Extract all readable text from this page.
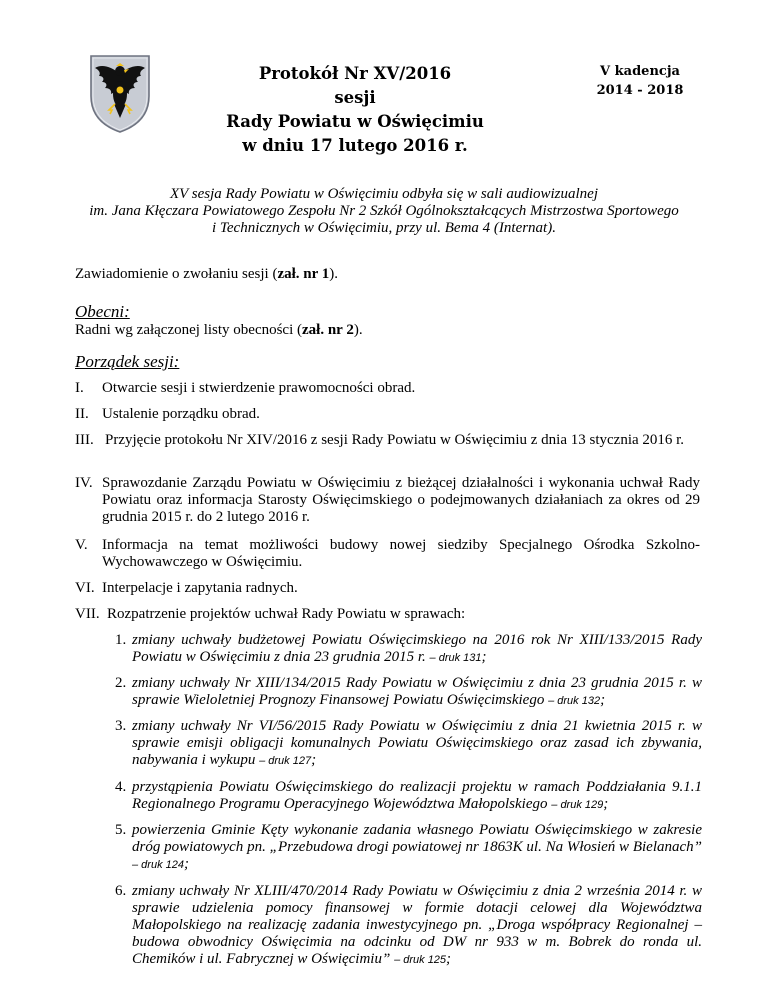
Protokół Nr XV/2016
sesji
Rady Powiatu w Oświęcimiu
w dniu 17 lutego 2016 r.
V kadencja
2014 - 2018
XV sesja Rady Powiatu w Oświęcimiu odbyła się w sali audiowizualnej
im. Jana Kłęczara Powiatowego Zespołu Nr 2 Szkół Ogólnokształcących Mistrzostwa Sportowego
i Technicznych w Oświęcimiu, przy ul. Bema 4 (Internat).
Zawiadomienie o zwołaniu sesji (zał. nr 1).
Obecni:
Radni wg załączonej listy obecności (zał. nr 2).
Porządek sesji:
I. Otwarcie sesji i stwierdzenie prawomocności obrad.
II. Ustalenie porządku obrad.
III. Przyjęcie protokołu Nr XIV/2016 z sesji Rady Powiatu w Oświęcimiu z dnia 13 stycznia 2016 r.
IV. Sprawozdanie Zarządu Powiatu w Oświęcimiu z bieżącej działalności i wykonania uchwał Rady Powiatu oraz informacja Starosty Oświęcimskiego o podejmowanych działaniach za okres od 29 grudnia 2015 r. do 2 lutego 2016 r.
V. Informacja na temat możliwości budowy nowej siedziby Specjalnego Ośrodka Szkolno-Wychowawczego w Oświęcimiu.
VI. Interpelacje i zapytania radnych.
VII. Rozpatrzenie projektów uchwał Rady Powiatu w sprawach:
1. zmiany uchwały budżetowej Powiatu Oświęcimskiego na 2016 rok Nr XIII/133/2015 Rady Powiatu w Oświęcimiu z dnia 23 grudnia 2015 r. – druk 131;
2. zmiany uchwały Nr XIII/134/2015 Rady Powiatu w Oświęcimiu z dnia 23 grudnia 2015 r. w sprawie Wieloletniej Prognozy Finansowej Powiatu Oświęcimskiego – druk 132;
3. zmiany uchwały Nr VI/56/2015 Rady Powiatu w Oświęcimiu z dnia 21 kwietnia 2015 r. w sprawie emisji obligacji komunalnych Powiatu Oświęcimskiego oraz zasad ich zbywania, nabywania i wykupu – druk 127;
4. przystąpienia Powiatu Oświęcimskiego do realizacji projektu w ramach Poddziałania 9.1.1 Regionalnego Programu Operacyjnego Województwa Małopolskiego – druk 129;
5. powierzenia Gminie Kęty wykonanie zadania własnego Powiatu Oświęcimskiego w zakresie dróg powiatowych pn. „Przebudowa drogi powiatowej nr 1863K ul. Na Włosień w Bielanach” – druk 124;
6. zmiany uchwały Nr XLIII/470/2014 Rady Powiatu w Oświęcimiu z dnia 2 września 2014 r. w sprawie udzielenia pomocy finansowej w formie dotacji celowej dla Województwa Małopolskiego na realizację zadania inwestycyjnego pn. „Droga współpracy Regionalnej – budowa obwodnicy Oświęcimia na odcinku od DW nr 933 w m. Bobrek do ronda ul. Chemików i ul. Fabrycznej w Oświęcimiu” – druk 125;
